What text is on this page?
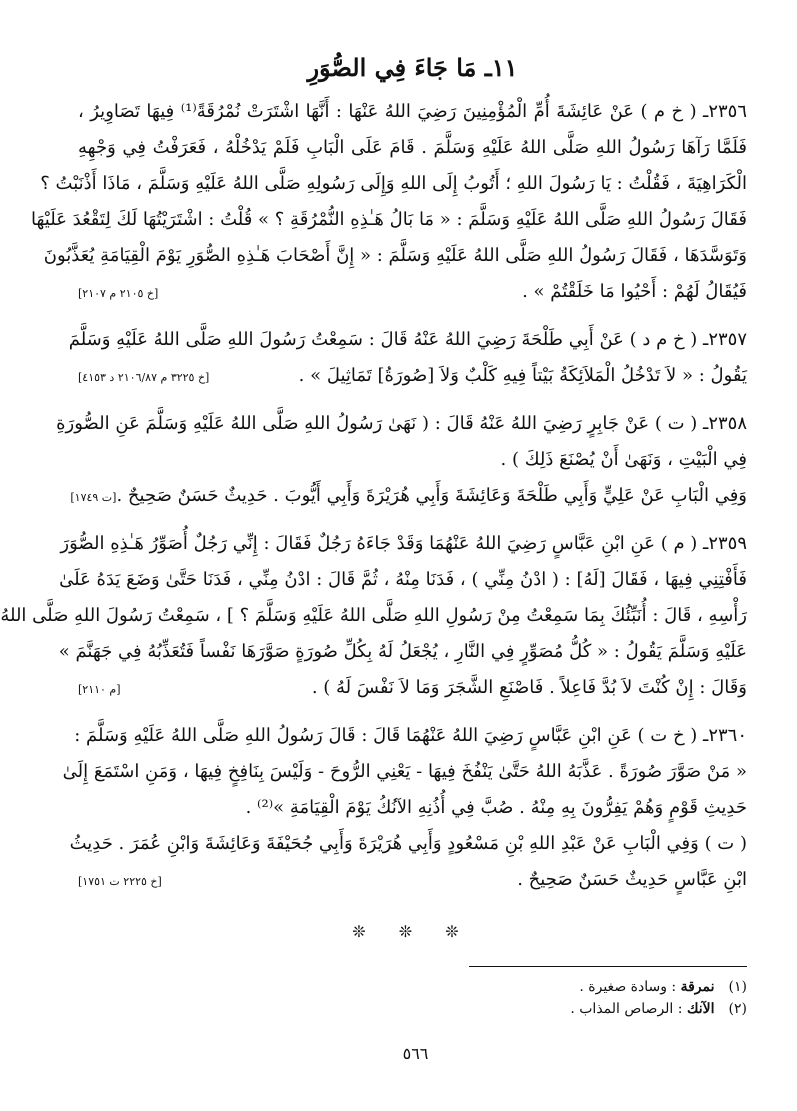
١١ـ مَا جَاءَ فِي الصُّوَرِ
٢٣٥٦ـ ( خ م ) عَنْ عَائِشَةَ أُمِّ الْمُؤْمِنِينَ رَضِيَ اللهُ عَنْهَا : أَنَّهَا اشْتَرَتْ نُمْرُقَةً⁽¹⁾ فِيهَا تَصَاوِيرُ ،
فَلَمَّا رَآهَا رَسُولُ اللهِ صَلَّى اللهُ عَلَيْهِ وَسَلَّمَ . قَامَ عَلَى الْبَابِ فَلَمْ يَدْخُلْهُ ، فَعَرَفْتُ فِي وَجْهِهِ
الْكَرَاهِيَةَ ، فَقُلْتُ : يَا رَسُولَ اللهِ ؛ أَتُوبُ إِلَى اللهِ وَإِلَى رَسُولِهِ صَلَّى اللهُ عَلَيْهِ وَسَلَّمَ ، مَاذَا أَذْنَبْتُ ؟
فَقَالَ رَسُولُ اللهِ صَلَّى اللهُ عَلَيْهِ وَسَلَّمَ : « مَا بَالُ هَـٰذِهِ النُّمْرُقَةِ ؟ » قُلْتُ : اشْتَرَيْتُهَا لَكَ لِتَقْعُدَ عَلَيْهَا
وَتَوَسَّدَهَا ، فَقَالَ رَسُولُ اللهِ صَلَّى اللهُ عَلَيْهِ وَسَلَّمَ : « إِنَّ أَصْحَابَ هَـٰذِهِ الصُّوَرِ يَوْمَ الْقِيَامَةِ يُعَذَّبُونَ
فَيُقَالُ لَهُمْ : أَحْيُوا مَا خَلَقْتُمْ » .
[خ ٢١٠٥ م ٢١٠٧]
٢٣٥٧ـ ( خ م د ) عَنْ أَبِي طَلْحَةَ رَضِيَ اللهُ عَنْهُ قَالَ : سَمِعْتُ رَسُولَ اللهِ صَلَّى اللهُ عَلَيْهِ وَسَلَّمَ
يَقُولُ : « لاَ تَدْخُلُ الْمَلاَئِكَةُ بَيْتاً فِيهِ كَلْبٌ وَلاَ [صُورَةُ] تَمَاثِيلَ » .
[خ ٣٢٢٥ م ٢١٠٦/٨٧ د ٤١٥٣]
٢٣٥٨ـ ( ت ) عَنْ جَابِرٍ رَضِيَ اللهُ عَنْهُ قَالَ : ( نَهَىٰ رَسُولُ اللهِ صَلَّى اللهُ عَلَيْهِ وَسَلَّمَ عَنِ الصُّورَةِ
فِي الْبَيْتِ ، وَنَهَىٰ أَنْ يُصْنَعَ ذَلِكَ ) .
وَفِي الْبَابِ عَنْ عَلِيٍّ وَأَبِي طَلْحَةَ وَعَائِشَةَ وَأَبِي هُرَيْرَةَ وَأَبِي أَيُّوبَ . حَدِيثٌ حَسَنٌ صَحِيحٌ .
[ت ١٧٤٩]
٢٣٥٩ـ ( م ) عَنِ ابْنِ عَبَّاسٍ رَضِيَ اللهُ عَنْهُمَا وَقَدْ جَاءَهُ رَجُلٌ فَقَالَ : إِنِّي رَجُلٌ أُصَوِّرُ هَـٰذِهِ الصُّوَرَ
فَأَفْتِنِي فِيهَا ، فَقَالَ [لَهُ] : ( ادْنُ مِنِّي ) ، فَدَنَا مِنْهُ ، ثُمَّ قَالَ : ادْنُ مِنِّي ، فَدَنَا حَتَّىٰ وَضَعَ يَدَهُ عَلَىٰ
رَأْسِهِ ، قَالَ : أُنَبِّئُكَ بِمَا سَمِعْتُ مِنْ رَسُولِ اللهِ صَلَّى اللهُ عَلَيْهِ وَسَلَّمَ ؟ ] ، سَمِعْتُ رَسُولَ اللهِ صَلَّى اللهُ
عَلَيْهِ وَسَلَّمَ يَقُولُ : « كُلُّ مُصَوِّرٍ فِي النَّارِ ، يُجْعَلُ لَهُ بِكُلِّ صُورَةٍ صَوَّرَهَا نَفْساً فَتُعَذِّبُهُ فِي جَهَنَّمَ »
وَقَالَ : إِنْ كُنْتَ لاَ بُدَّ فَاعِلاً . فَاصْنَعِ الشَّجَرَ وَمَا لاَ نَفْسَ لَهُ ) .
[م ٢١١٠]
٢٣٦٠ـ ( خ ت ) عَنِ ابْنِ عَبَّاسٍ رَضِيَ اللهُ عَنْهُمَا قَالَ : قَالَ رَسُولُ اللهِ صَلَّى اللهُ عَلَيْهِ وَسَلَّمَ :
« مَنْ صَوَّرَ صُورَةً . عَذَّبَهُ اللهُ حَتَّىٰ يَنْفُخَ فِيهَا - يَعْنِي الرُّوحَ - وَلَيْسَ بِنَافِخٍ فِيهَا ، وَمَنِ اسْتَمَعَ إِلَىٰ
حَدِيثِ قَوْمٍ وَهُمْ يَفِرُّونَ بِهِ مِنْهُ . صُبَّ فِي أُذُنِهِ الآنُكُ يَوْمَ الْقِيَامَةِ »⁽²⁾ .
( ت ) وَفِي الْبَابِ عَنْ عَبْدِ اللهِ بْنِ مَسْعُودٍ وَأَبِي هُرَيْرَةَ وَأَبِي جُحَيْفَةَ وَعَائِشَةَ وَابْنِ عُمَرَ . حَدِيثُ
ابْنِ عَبَّاسٍ حَدِيثٌ حَسَنٌ صَحِيحٌ .
[خ ٢٢٢٥ ت ١٧٥١]
❊ ❊ ❊
(١)
نمرقة : وسادة صغيرة .
(٢)
الآنك : الرصاص المذاب .
٥٦٦
